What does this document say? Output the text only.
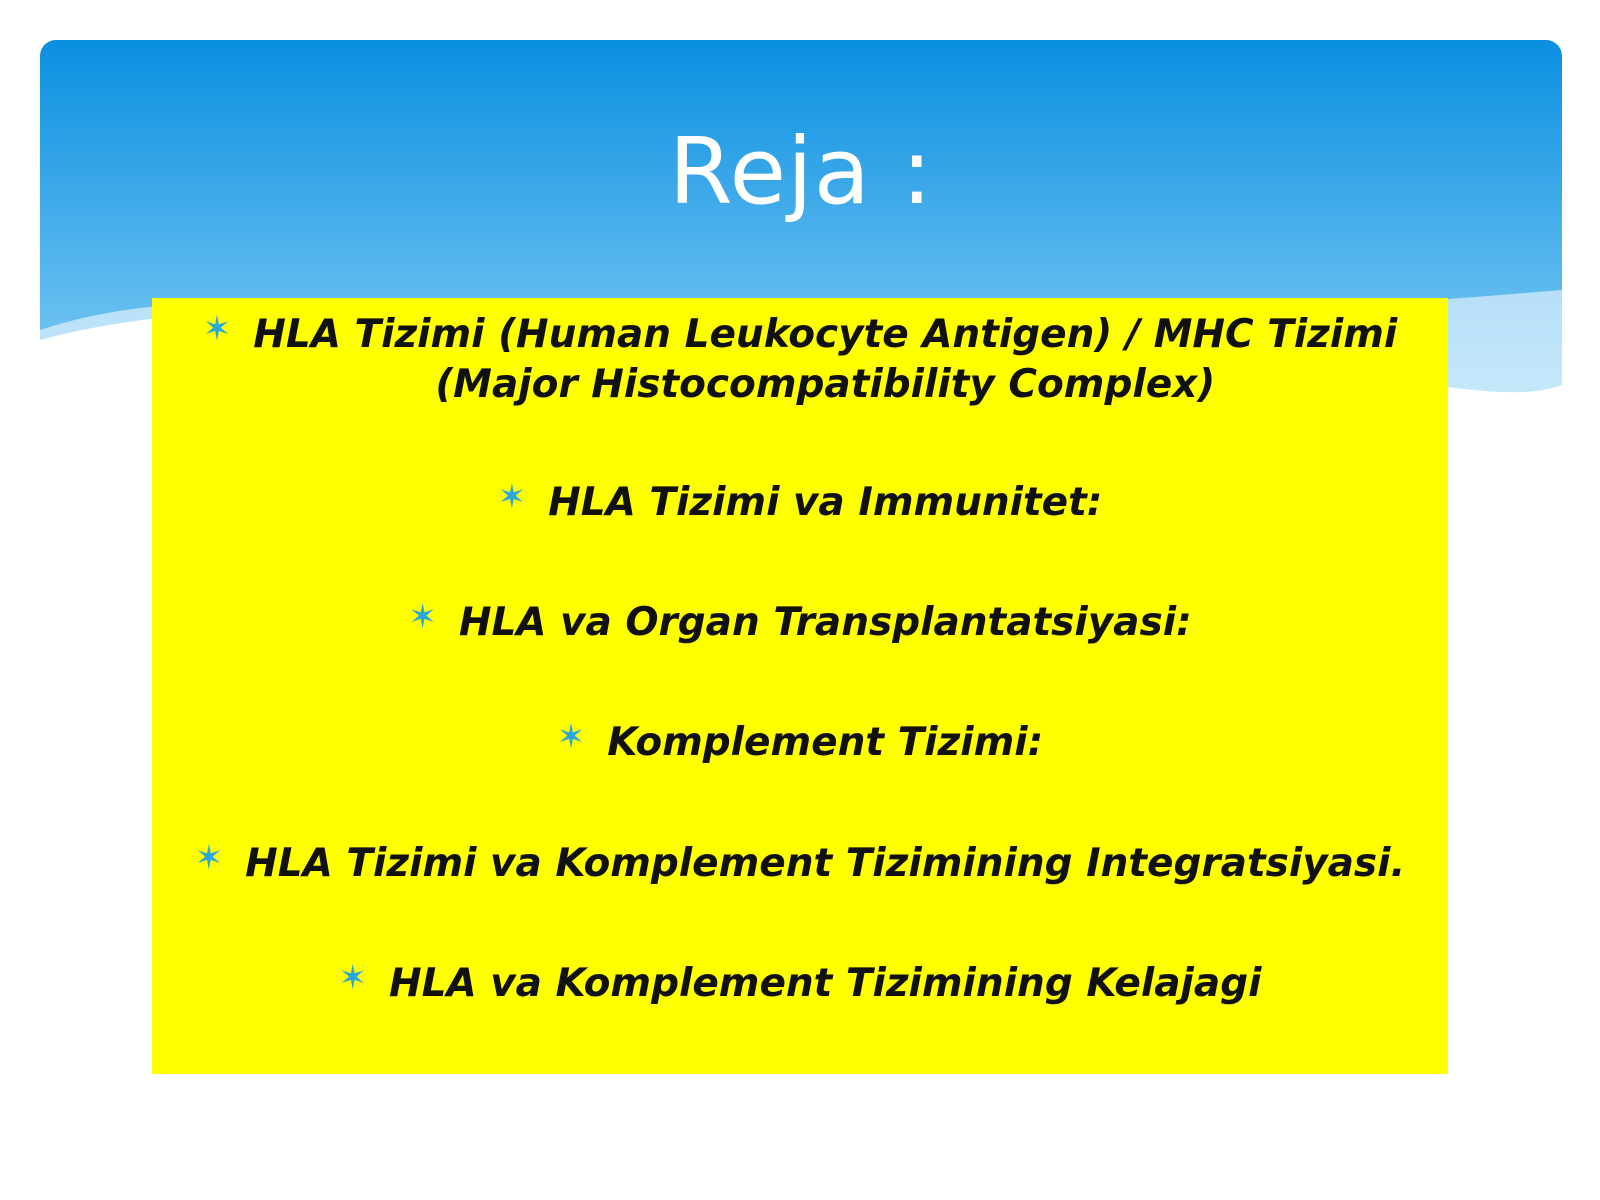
Reja :
✶ HLA Tizimi (Human Leukocyte Antigen) / MHC Tizimi
(Major Histocompatibility Complex)
✶ HLA Tizimi va Immunitet:
✶ HLA va Organ Transplantatsiyasi:
✶ Komplement Tizimi:
✶ HLA Tizimi va Komplement Tizimining Integratsiyasi.
✶ HLA va Komplement Tizimining Kelajagi
